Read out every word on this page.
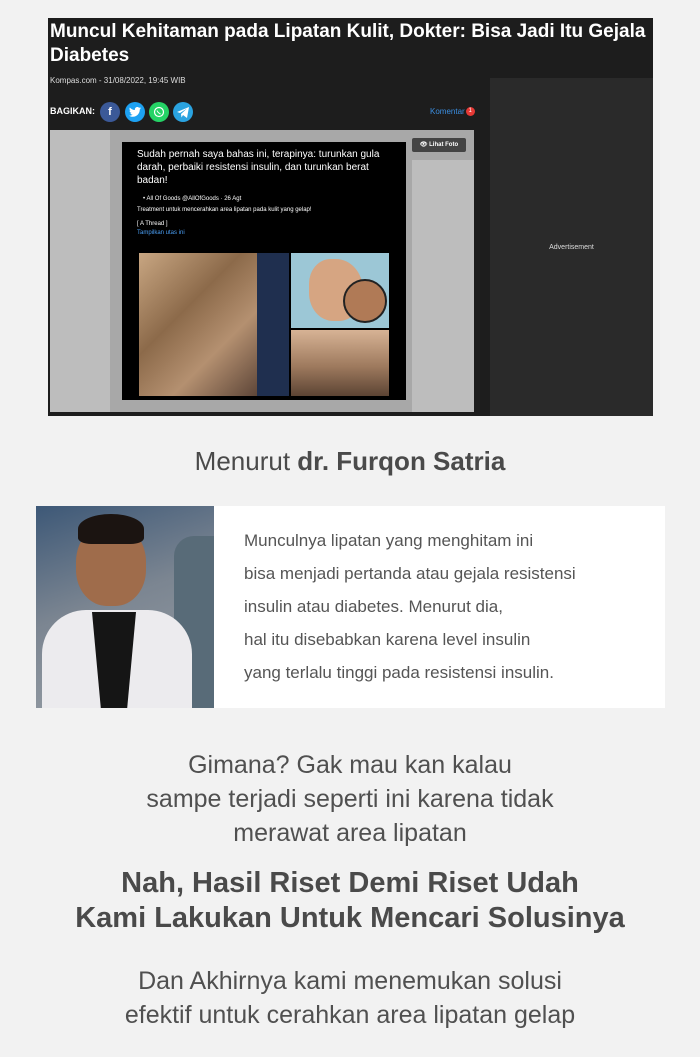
Muncul Kehitaman pada Lipatan Kulit, Dokter: Bisa Jadi Itu Gejala Diabetes
Kompas.com - 31/08/2022, 19:45 WIB
BAGIKAN:	f	Komentar 1
Sudah pernah saya bahas ini, terapinya: turunkan gula darah, perbaiki resistensi insulin, dan turunkan berat badan!
• All Of Goods @AllOfGoods · 26 Agt
Treatment untuk mencerahkan area lipatan pada kulit yang gelap!
[ A Thread ]
Tampilkan utas ini
👁 Lihat Foto
Advertisement
Menurut dr. Furqon Satria
Munculnya lipatan yang menghitam ini
bisa menjadi pertanda atau gejala resistensi
insulin atau diabetes. Menurut dia,
hal itu disebabkan karena level insulin
yang terlalu tinggi pada resistensi insulin.
Gimana? Gak mau kan kalau
sampe terjadi seperti ini karena tidak
merawat area lipatan
Nah, Hasil Riset Demi Riset Udah
Kami Lakukan Untuk Mencari Solusinya
Dan Akhirnya kami menemukan solusi
efektif untuk cerahkan area lipatan gelap
